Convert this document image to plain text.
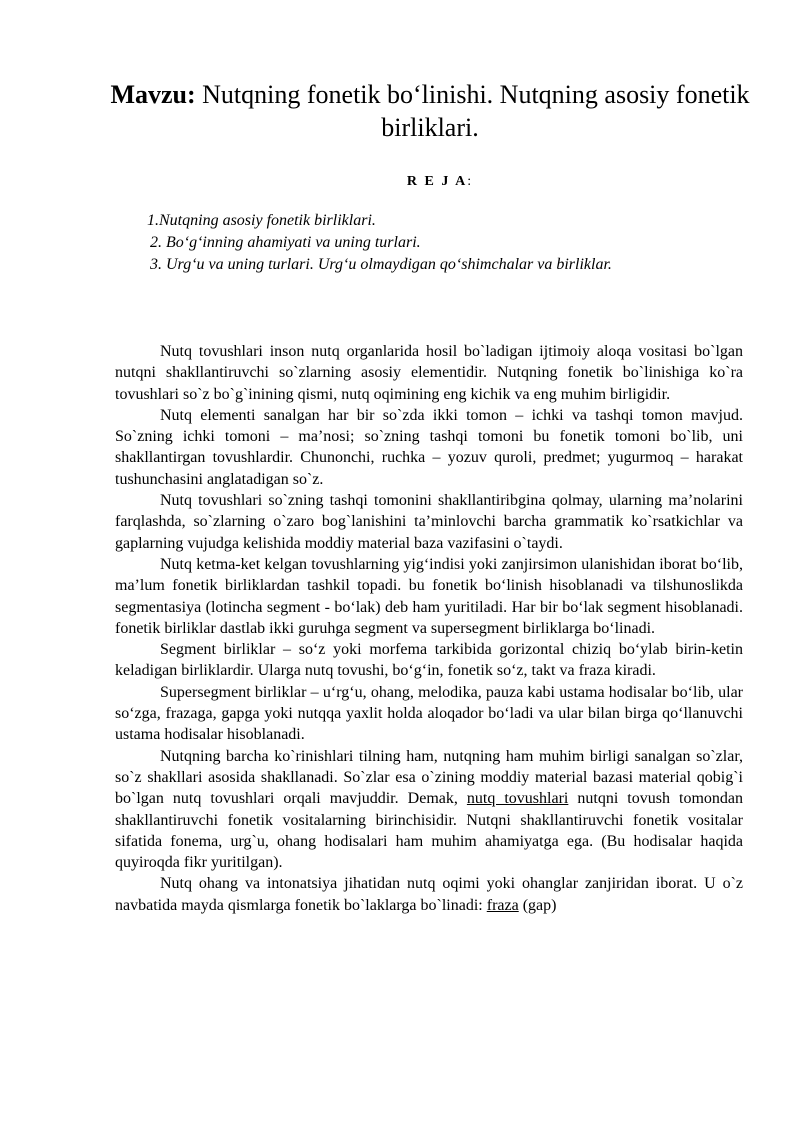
Mavzu: Nutqning fonetik bo‘linishi. Nutqning asosiy fonetik birliklari.
R E J A:
1.Nutqning asosiy fonetik birliklari.
2. Bo‘g‘inning ahamiyati va uning turlari.
3. Urg‘u va uning turlari. Urg‘u olmaydigan qo‘shimchalar va birliklar.

Nutq tovushlari inson nutq organlarida hosil bo`ladigan ijtimoiy aloqa vositasi bo`lgan nutqni shakllantiruvchi so`zlarning asosiy elementidir. Nutqning fonetik bo`linishiga ko`ra tovushlari so`z bo`g`inining qismi, nutq oqimining eng kichik va eng muhim birligidir.

Nutq elementi sanalgan har bir so`zda ikki tomon – ichki va tashqi tomon mavjud. So`zning ichki tomoni – ma’nosi; so`zning tashqi tomoni bu fonetik tomoni bo`lib, uni shakllantirgan tovushlardir. Chunonchi, ruchka – yozuv quroli, predmet; yugurmoq – harakat tushunchasini anglatadigan so`z.

Nutq tovushlari so`zning tashqi tomonini shakllantiribgina qolmay, ularning ma’nolarini farqlashda, so`zlarning o`zaro bog`lanishini ta’minlovchi barcha grammatik ko`rsatkichlar va gaplarning vujudga kelishida moddiy material baza vazifasini o`taydi.

Nutq ketma-ket kelgan tovushlarning yig‘indisi yoki zanjirsimon ulanishidan iborat bo‘lib, ma’lum fonetik birliklardan tashkil topadi. bu fonetik bo‘linish hisoblanadi va tilshunoslikda segmentasiya (lotincha segment - bo‘lak) deb ham yuritiladi. Har bir bo‘lak segment hisoblanadi. fonetik birliklar dastlab ikki guruhga segment va supersegment birliklarga bo‘linadi.

Segment birliklar – so‘z yoki morfema tarkibida gorizontal chiziq bo‘ylab birin-ketin keladigan birliklardir. Ularga nutq tovushi, bo‘g‘in, fonetik so‘z, takt va fraza kiradi.

Supersegment birliklar – u‘rg‘u, ohang, melodika, pauza kabi ustama hodisalar bo‘lib, ular so‘zga, frazaga, gapga yoki nutqqa yaxlit holda aloqador bo‘ladi va ular bilan birga qo‘llanuvchi ustama hodisalar hisoblanadi.

Nutqning barcha ko`rinishlari tilning ham, nutqning ham muhim birligi sanalgan so`zlar, so`z shakllari asosida shakllanadi. So`zlar esa o`zining moddiy material bazasi material qobig`i bo`lgan nutq tovushlari orqali mavjuddir. Demak, nutq tovushlari nutqni tovush tomondan shakllantiruvchi fonetik vositalarning birinchisidir. Nutqni shakllantiruvchi fonetik vositalar sifatida fonema, urg`u, ohang hodisalari ham muhim ahamiyatga ega. (Bu hodisalar haqida quyiroqda fikr yuritilgan).

Nutq ohang va intonatsiya jihatidan nutq oqimi yoki ohanglar zanjiridan iborat. U o`z navbatida mayda qismlarga fonetik bo`laklarga bo`linadi: fraza (gap)
